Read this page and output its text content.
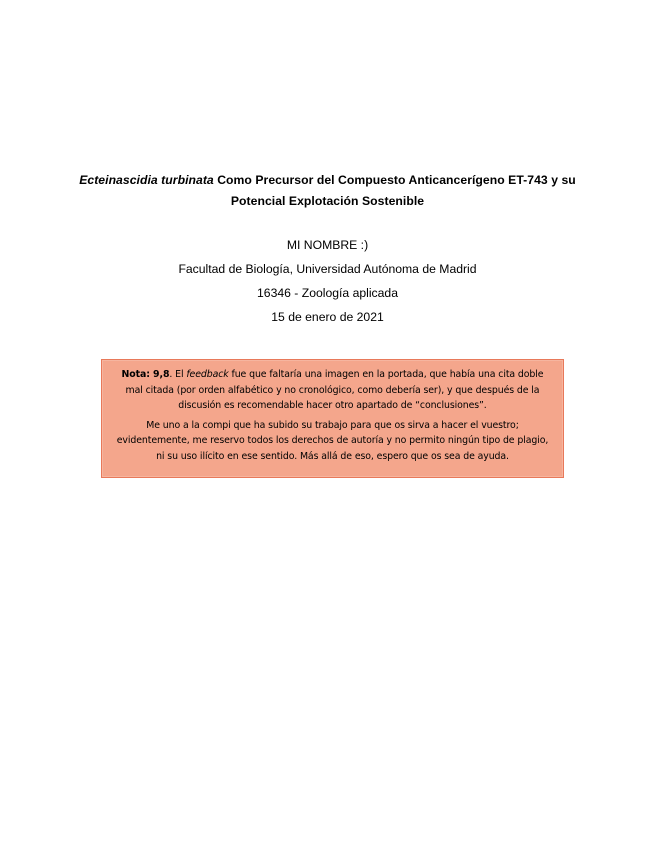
Ecteinascidia turbinata Como Precursor del Compuesto Anticancerígeno ET-743 y su
Potencial Explotación Sostenible
MI NOMBRE :)
Facultad de Biología, Universidad Autónoma de Madrid
16346 - Zoología aplicada
15 de enero de 2021

Nota: 9,8. El feedback fue que faltaría una imagen en la portada, que había una cita doble mal citada (por orden alfabético y no cronológico, como debería ser), y que después de la discusión es recomendable hacer otro apartado de “conclusiones”.

Me uno a la compi que ha subido su trabajo para que os sirva a hacer el vuestro; evidentemente, me reservo todos los derechos de autoría y no permito ningún tipo de plagio, ni su uso ilícito en ese sentido. Más allá de eso, espero que os sea de ayuda.
